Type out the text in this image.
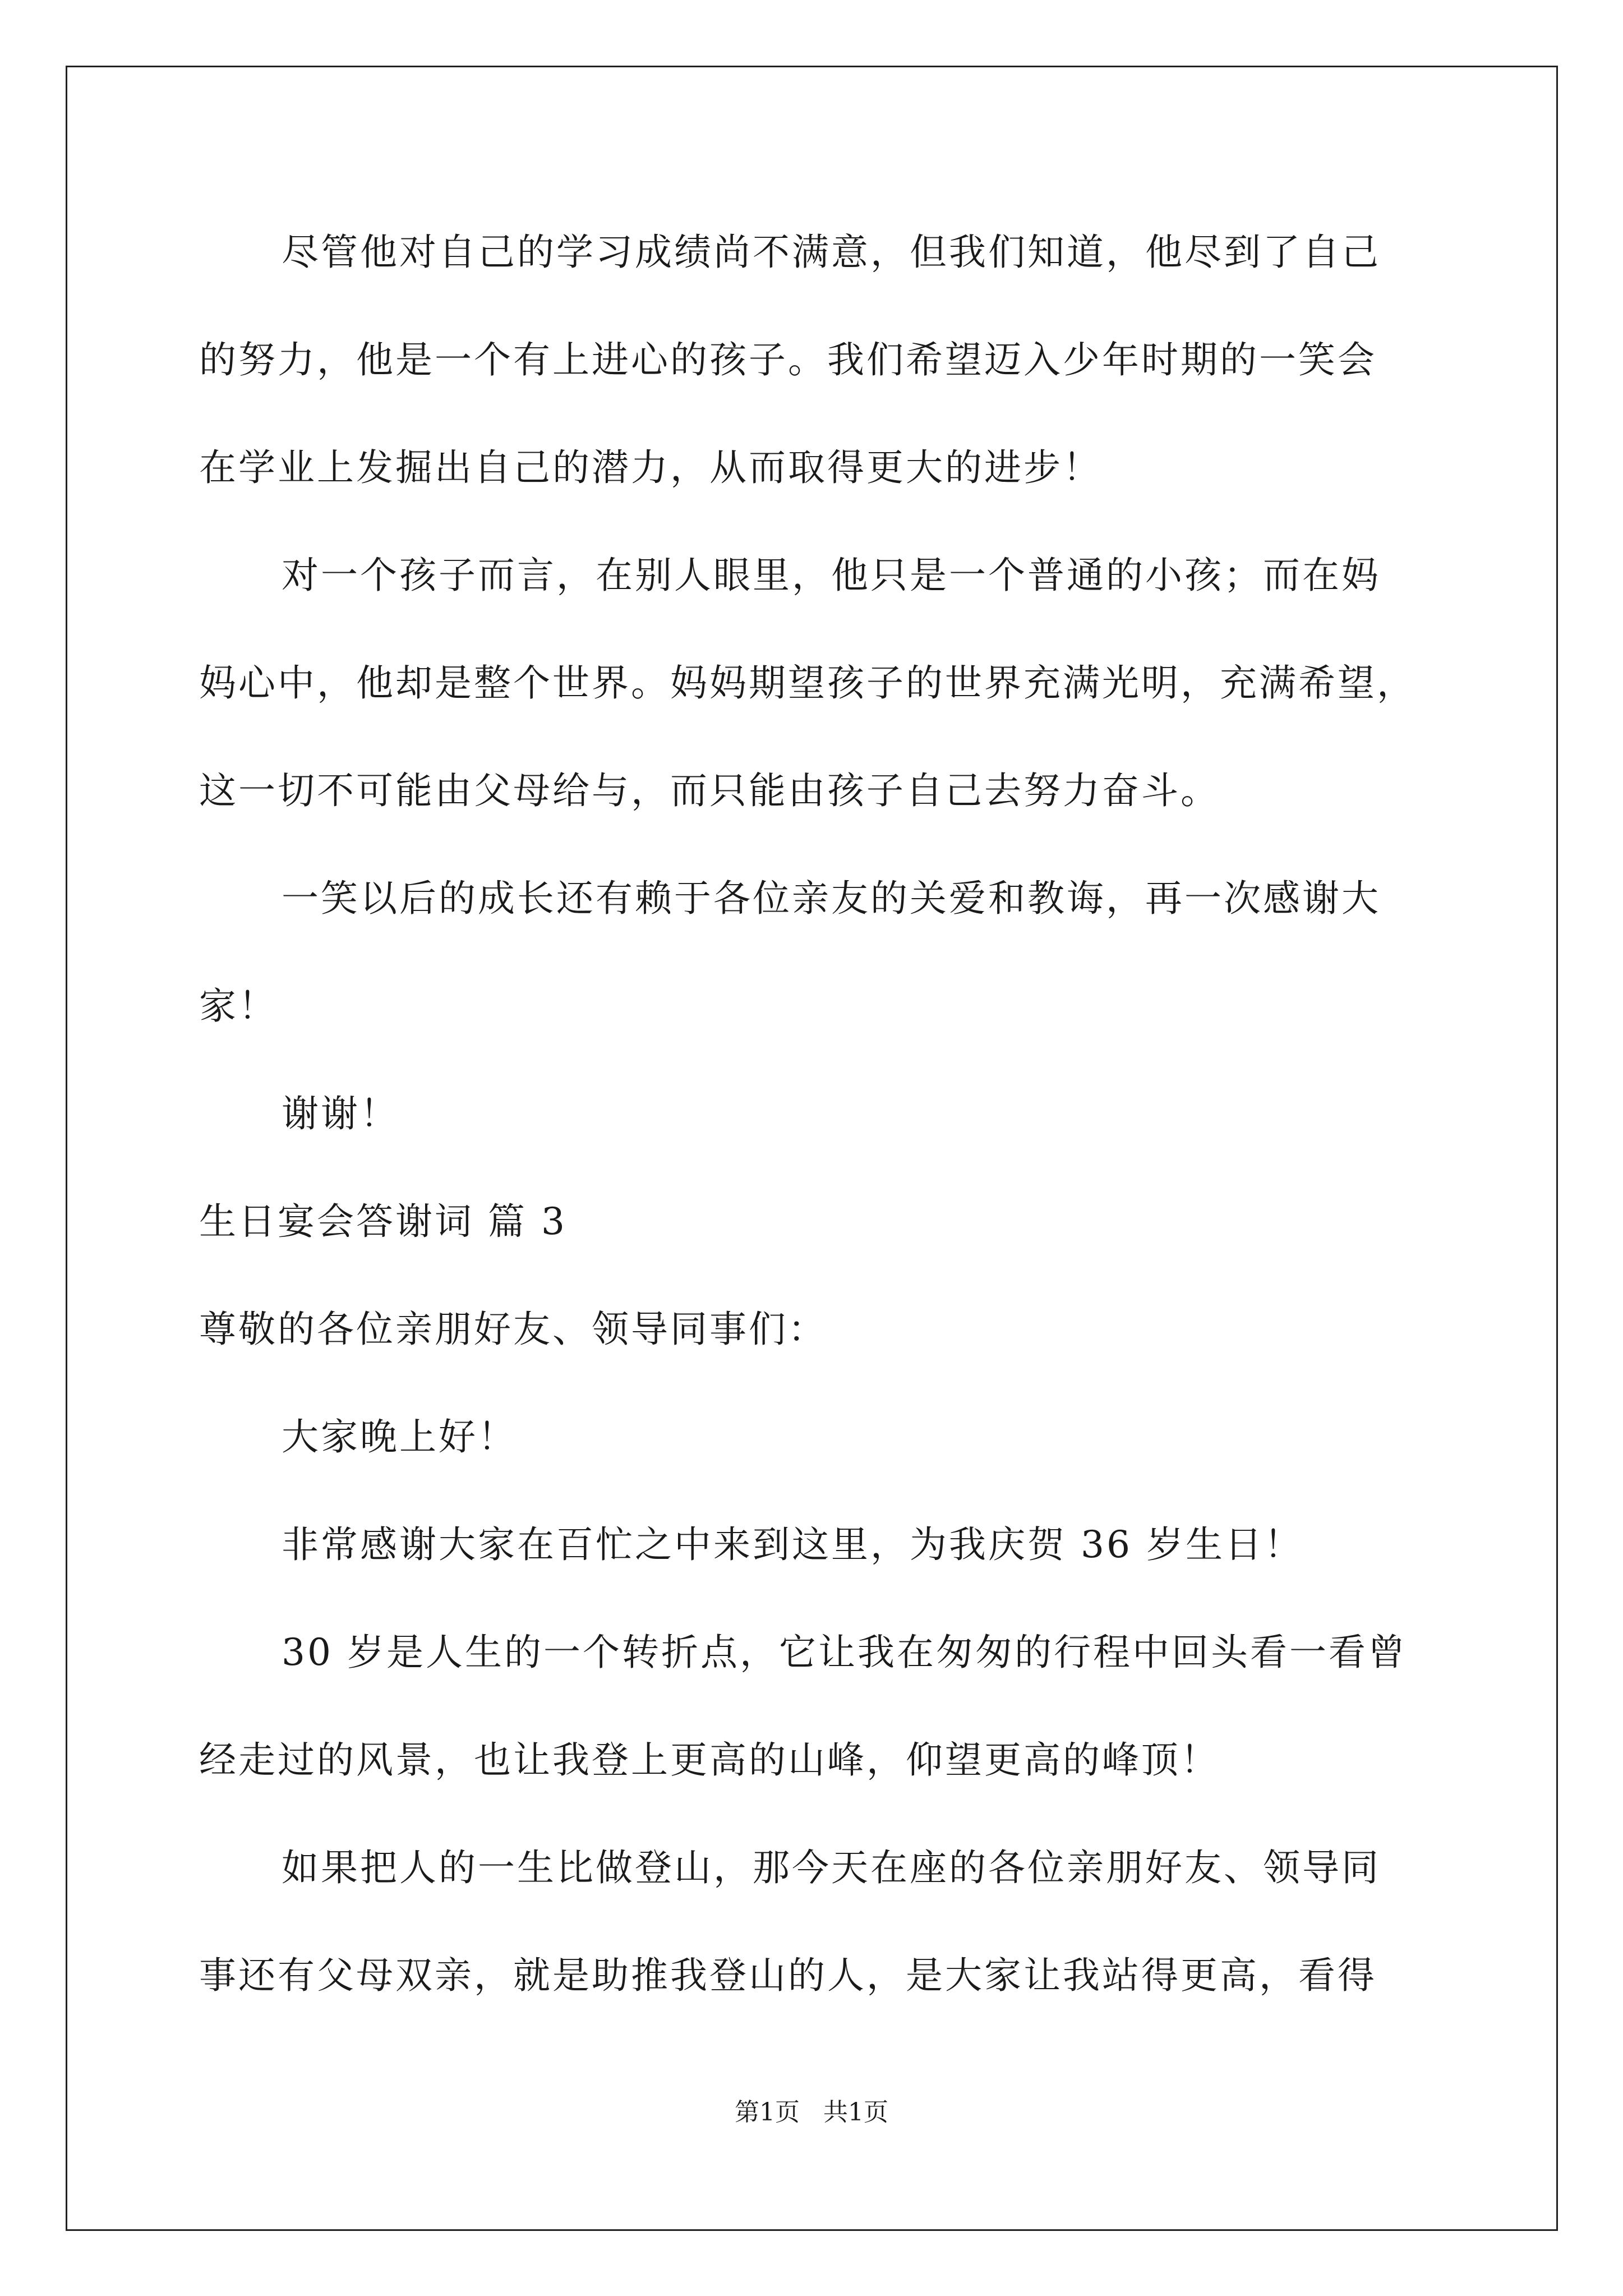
尽管他对自己的学习成绩尚不满意，但我们知道，他尽到了自己
的努力，他是一个有上进心的孩子。我们希望迈入少年时期的一笑会
在学业上发掘出自己的潜力，从而取得更大的进步！
对一个孩子而言，在别人眼里，他只是一个普通的小孩；而在妈
妈心中，他却是整个世界。妈妈期望孩子的世界充满光明，充满希望，
这一切不可能由父母给与，而只能由孩子自己去努力奋斗。
一笑以后的成长还有赖于各位亲友的关爱和教诲，再一次感谢大
家！
谢谢！
生日宴会答谢词 篇 3
尊敬的各位亲朋好友、领导同事们：
大家晚上好！
非常感谢大家在百忙之中来到这里，为我庆贺 36 岁生日！
30 岁是人生的一个转折点，它让我在匆匆的行程中回头看一看曾
经走过的风景，也让我登上更高的山峰，仰望更高的峰顶！
如果把人的一生比做登山，那今天在座的各位亲朋好友、领导同
事还有父母双亲，就是助推我登山的人，是大家让我站得更高，看得
第1页   共1页
